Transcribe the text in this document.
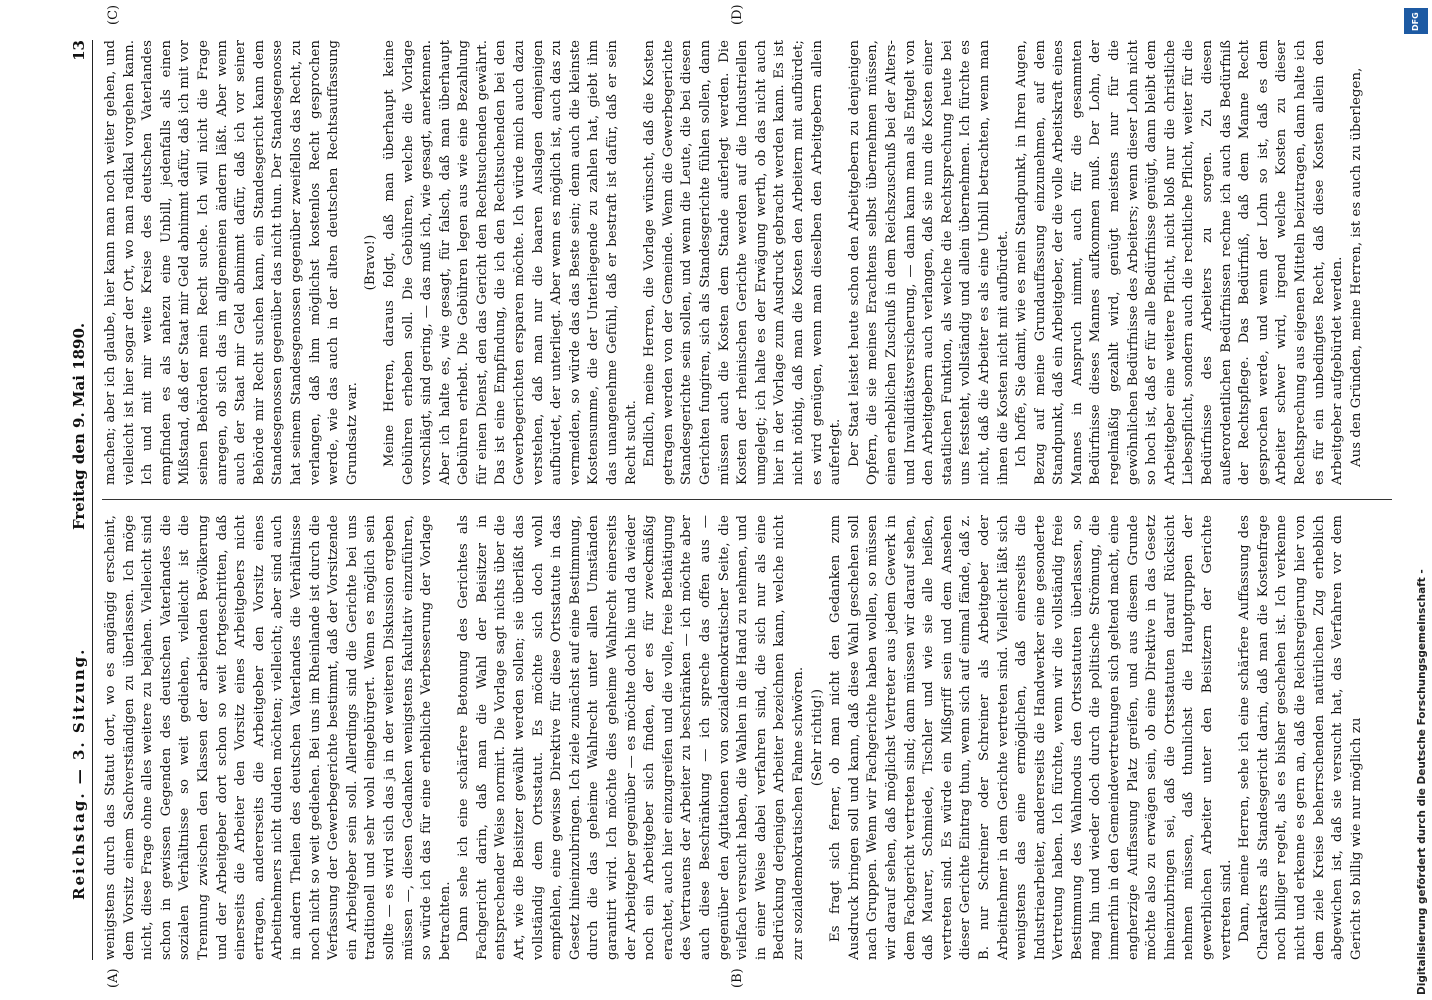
Reichstag. — 3. Sitzung.
Freitag den 9. Mai 1890.
13
(A)	(B)
(C)	(D)

wenigstens durch das Statut dort, wo es angängig erscheint, dem Vorsitz einem Sachverständigen zu überlassen. Ich möge nicht, diese Frage ohne alles weitere zu bejahen. Vielleicht sind schon in gewissen Gegenden des deutschen Vaterlandes die sozialen Verhältnisse so weit gediehen, vielleicht ist die Trennung zwischen den Klassen der arbeitenden Bevölkerung und der Arbeitgeber dort schon so weit fortgeschritten, daß einerseits die Arbeiter den Vorsitz eines Arbeitgebers nicht ertragen, andererseits die Arbeitgeber den Vorsitz eines Arbeitnehmers nicht dulden möchten; vielleicht; aber sind auch in andern Theilen des deutschen Vaterlandes die Verhältnisse noch nicht so weit gediehen. Bei uns im Rheinlande ist durch die Verfassung der Gewerbegerichte bestimmt, daß der Vorsitzende ein Arbeitgeber sein soll. Allerdings sind die Gerichte bei uns traditionell und sehr wohl eingebürgert. Wenn es möglich sein sollte — es wird sich das ja in der weiteren Diskussion ergeben müssen —, diesen Gedanken wenigstens fakultativ einzuführen, so würde ich das für eine erhebliche Verbesserung der Vorlage betrachten. Dann sehe ich eine schärfere Betonung des Gerichtes als Fachgericht darin, daß man die Wahl der Beisitzer in entsprechender Weise normirt. Die Vorlage sagt nichts über die Art, wie die Beisitzer gewählt werden sollen; sie überläßt das vollständig dem Ortsstatut. Es möchte sich doch wohl empfehlen, eine gewisse Direktive für diese Ortsstatute in das Gesetz hineinzubringen. Ich ziele zunächst auf eine Bestimmung, durch die das geheime Wahlrecht unter allen Umständen garantirt wird. Ich möchte dies geheime Wahlrecht einerseits der Arbeitgeber gegenüber — es möchte doch hie und da wieder noch ein Arbeitgeber sich finden, der es für zweckmäßig erachtet, auch hier einzugreifen und die volle, freie Bethätigung des Vertrauens der Arbeiter zu beschränken — ich möchte aber auch diese Beschränkung — ich spreche das offen aus — gegenüber den Agitationen von sozialdemokratischer Seite, die vielfach versucht haben, die Wahlen in die Hand zu nehmen, und in einer Weise dabei verfahren sind, die sich nur als eine Bedrückung derjenigen Arbeiter bezeichnen kann, welche nicht zur sozialdemokratischen Fahne schwören. (Sehr richtig!) Es fragt sich ferner, ob man nicht den Gedanken zum Ausdruck bringen soll und kann, daß diese Wahl geschehen soll nach Gruppen. Wenn wir Fachgerichte haben wollen, so müssen wir darauf sehen, daß möglichst Vertreter aus jedem Gewerk in dem Fachgericht vertreten sind; dann müssen wir darauf sehen, daß Maurer, Schmiede, Tischler und wie sie alle heißen, vertreten sind. Es würde ein Mißgriff sein und dem Ansehen dieser Gerichte Eintrag thun, wenn sich auf einmal fände, daß z. B. nur Schreiner oder Schreiner als Arbeitgeber oder Arbeitnehmer in dem Gerichte vertreten sind. Vielleicht läßt sich wenigstens das eine ermöglichen, daß einerseits die Industriearbeiter, andererseits die Handwerker eine gesonderte Vertretung haben. Ich fürchte, wenn wir die vollständig freie Bestimmung des Wahlmodus den Ortsstatuten überlassen, so mag hin und wieder doch durch die politische Strömung, die immerhin in den Gemeindevertretungen sich geltend macht, eine engherzige Auffassung Platz greifen, und aus diesem Grunde möchte also zu erwägen sein, ob eine Direktive in das Gesetz hineinzubringen sei, daß die Ortsstatuten darauf Rücksicht nehmen müssen, daß thunlichst die Hauptgruppen der gewerblichen Arbeiter unter den Beisitzern der Gerichte vertreten sind. Dann, meine Herren, sehe ich eine schärfere Auffassung des Charakters als Standesgericht darin, daß man die Kostenfrage noch billiger regelt, als es bisher geschehen ist. Ich verkenne nicht und erkenne es gern an, daß die Reichsregierung hier von dem ziele Kreise beherrschenden natürlichen Zug erheblich abgewichen ist, daß sie versucht hat, das Verfahren vor dem Gericht so billig wie nur möglich zu

machen; aber ich glaube, hier kann man noch weiter gehen, und vielleicht ist hier sogar der Ort, wo man radikal vorgehen kann. Ich und mit mir weite Kreise des deutschen Vaterlandes empfinden es als nahezu eine Unbill, jedenfalls als einen Mißstand, daß der Staat mir Geld abnimmt dafür, daß ich mit vor seinen Behörden mein Recht suche. Ich will nicht die Frage anregen, ob sich das im allgemeinen ändern läßt. Aber wenn auch der Staat mir Geld abnimmt dafür, daß ich vor seiner Behörde mir Recht suchen kann, ein Standesgericht kann dem Standesgenossen gegenüber das nicht thun. Der Standesgenosse hat seinem Standesgenossen gegenüber zweifellos das Recht, zu verlangen, daß ihm möglichst kostenlos Recht gesprochen werde, wie das auch in der alten deutschen Rechtsauffassung Grundsatz war.

(Bravo!) Meine Herren, daraus folgt, daß man überhaupt keine Gebühren erheben soll. Die Gebühren, welche die Vorlage vorschlägt, sind gering, — das muß ich, wie gesagt, anerkennen. Aber ich halte es, wie gesagt, für falsch, daß man überhaupt Gebühren erhebt. Die Gebühren legen aus wie eine Bezahlung für einen Dienst, den das Gericht den Rechtsuchenden gewährt. Das ist eine Empfindung, die ich den Rechtsuchenden bei den Gewerbegerichten ersparen möchte. Ich würde mich auch dazu verstehen, daß man nur die baaren Auslagen demjenigen aufbürdet, der unterliegt. Aber wenn es möglich ist, auch das zu vermeiden, so würde das das Beste sein; denn auch die kleinste Kostensumme, die der Unterliegende zu zahlen hat, giebt ihm das unangenehme Gefühl, daß er bestraft ist dafür, daß er sein Recht sucht. Endlich, meine Herren, die Vorlage wünscht, daß die Kosten getragen werden von der Gemeinde. Wenn die Gewerbegerichte Standesgerichte sein sollen, und wenn die Leute, die bei diesen Gerichten fungiren, sich als Standesgerichte fühlen sollen, dann müssen auch die Kosten dem Stande auferlegt werden. Die Kosten der rheinischen Gerichte werden auf die Industriellen umgelegt; ich halte es der Erwägung werth, ob das nicht auch hier in der Vorlage zum Ausdruck gebracht werden kann. Es ist nicht nöthig, daß man die Kosten den Arbeitern mit aufbürdet; es wird genügen, wenn man dieselben den Arbeitgebern allein auferlegt. Der Staat leistet heute schon den Arbeitgebern zu denjenigen Opfern, die sie meines Erachtens selbst übernehmen müssen, einen erheblichen Zuschuß in dem Reichszuschuß bei der Alters- und Invaliditätsversicherung, — dann kann man als Entgelt von den Arbeitgebern auch verlangen, daß sie nun die Kosten einer staatlichen Funktion, als welche die Rechtsprechung heute bei uns feststeht, vollständig und allein übernehmen. Ich fürchte es nicht, daß die Arbeiter es als eine Unbill betrachten, wenn man ihnen die Kosten nicht mit aufbürdet. Ich hoffe, Sie damit, wie es mein Standpunkt, in Ihren Augen, Bezug auf meine Grundauffassung einzunehmen, auf dem Standpunkt, daß ein Arbeitgeber, der die volle Arbeitskraft eines Mannes in Anspruch nimmt, auch für die gesammten Bedürfnisse dieses Mannes aufkommen muß. Der Lohn, der regelmäßig gezahlt wird, genügt meistens nur für die gewöhnlichen Bedürfnisse des Arbeiters; wenn dieser Lohn nicht so hoch ist, daß er für alle Bedürfnisse genügt, dann bleibt dem Arbeitgeber eine weitere Pflicht, nicht bloß nur die christliche Liebespflicht, sondern auch die rechtliche Pflicht, weiter für die Bedürfnisse des Arbeiters zu sorgen. Zu diesen außerordentlichen Bedürfnissen rechne ich auch das Bedürfniß der Rechtspflege. Das Bedürfniß, daß dem Manne Recht gesprochen werde, und wenn der Lohn so ist, daß es dem Arbeiter schwer wird, irgend welche Kosten zu dieser Rechtsprechung aus eigenen Mitteln beizutragen, dann halte ich es für ein unbedingtes Recht, daß diese Kosten allein den Arbeitgeber aufgebürdet werden. Aus den Gründen, meine Herren, ist es auch zu überlegen,

Digitalisierung gefördert durch die Deutsche Forschungsgemeinschaft -
DFG
